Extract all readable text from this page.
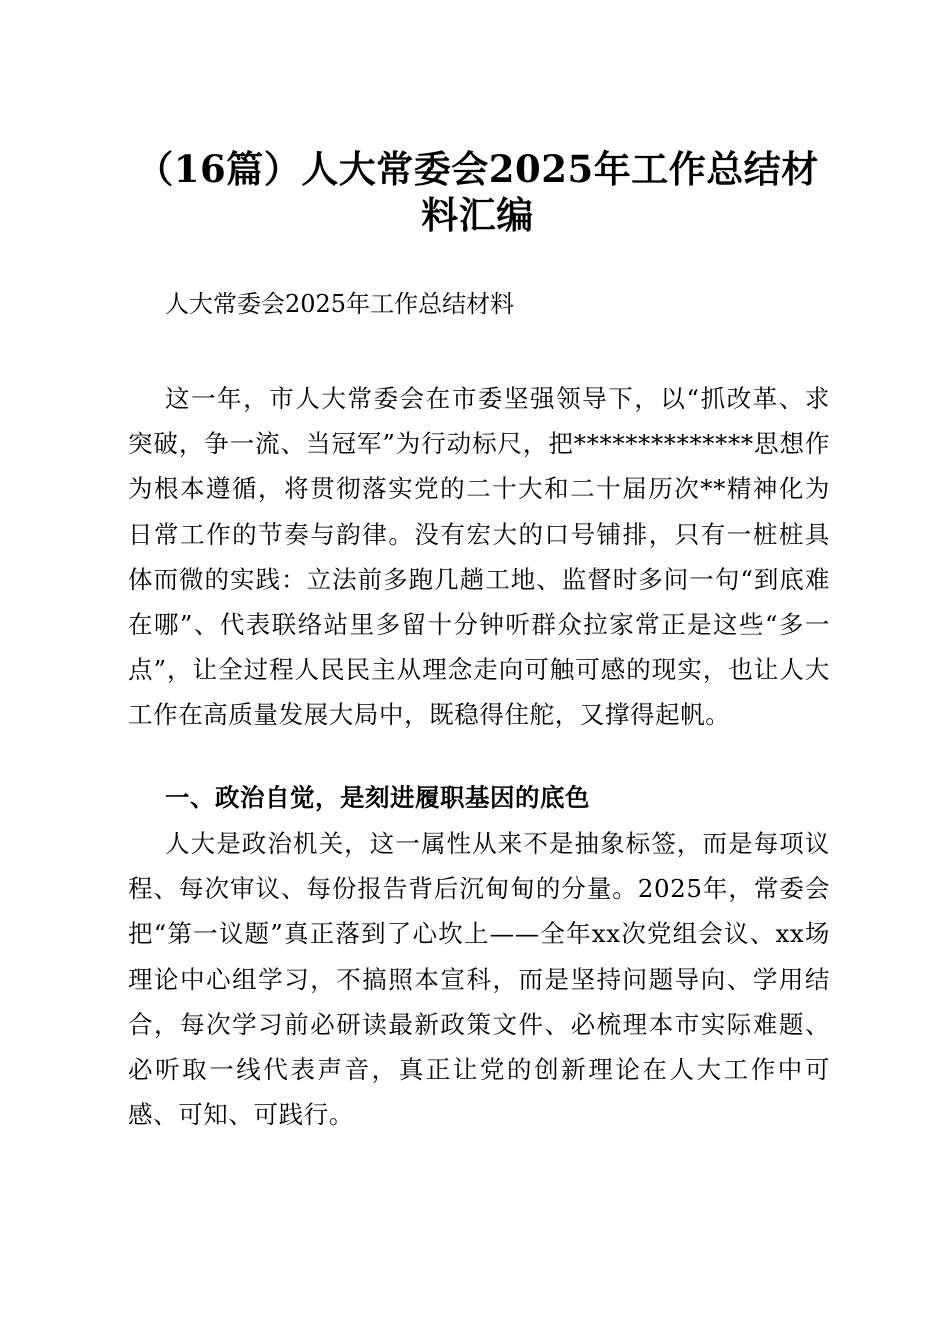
（16篇）人大常委会2025年工作总结材料汇编
人大常委会2025年工作总结材料

这一年，市人大常委会在市委坚强领导下，以“抓改革、求突破，争一流、当冠军”为行动标尺，把**************思想作为根本遵循，将贯彻落实党的二十大和二十届历次**精神化为日常工作的节奏与韵律。没有宏大的口号铺排，只有一桩桩具体而微的实践：立法前多跑几趟工地、监督时多问一句“到底难在哪”、代表联络站里多留十分钟听群众拉家常正是这些“多一点”，让全过程人民民主从理念走向可触可感的现实，也让人大工作在高质量发展大局中，既稳得住舵，又撑得起帆。

一、政治自觉，是刻进履职基因的底色

人大是政治机关，这一属性从来不是抽象标签，而是每项议程、每次审议、每份报告背后沉甸甸的分量。2025年，常委会把“第一议题”真正落到了心坎上——全年xx次党组会议、xx场理论中心组学习，不搞照本宣科，而是坚持问题导向、学用结合，每次学习前必研读最新政策文件、必梳理本市实际难题、必听取一线代表声音，真正让党的创新理论在人大工作中可感、可知、可践行。
